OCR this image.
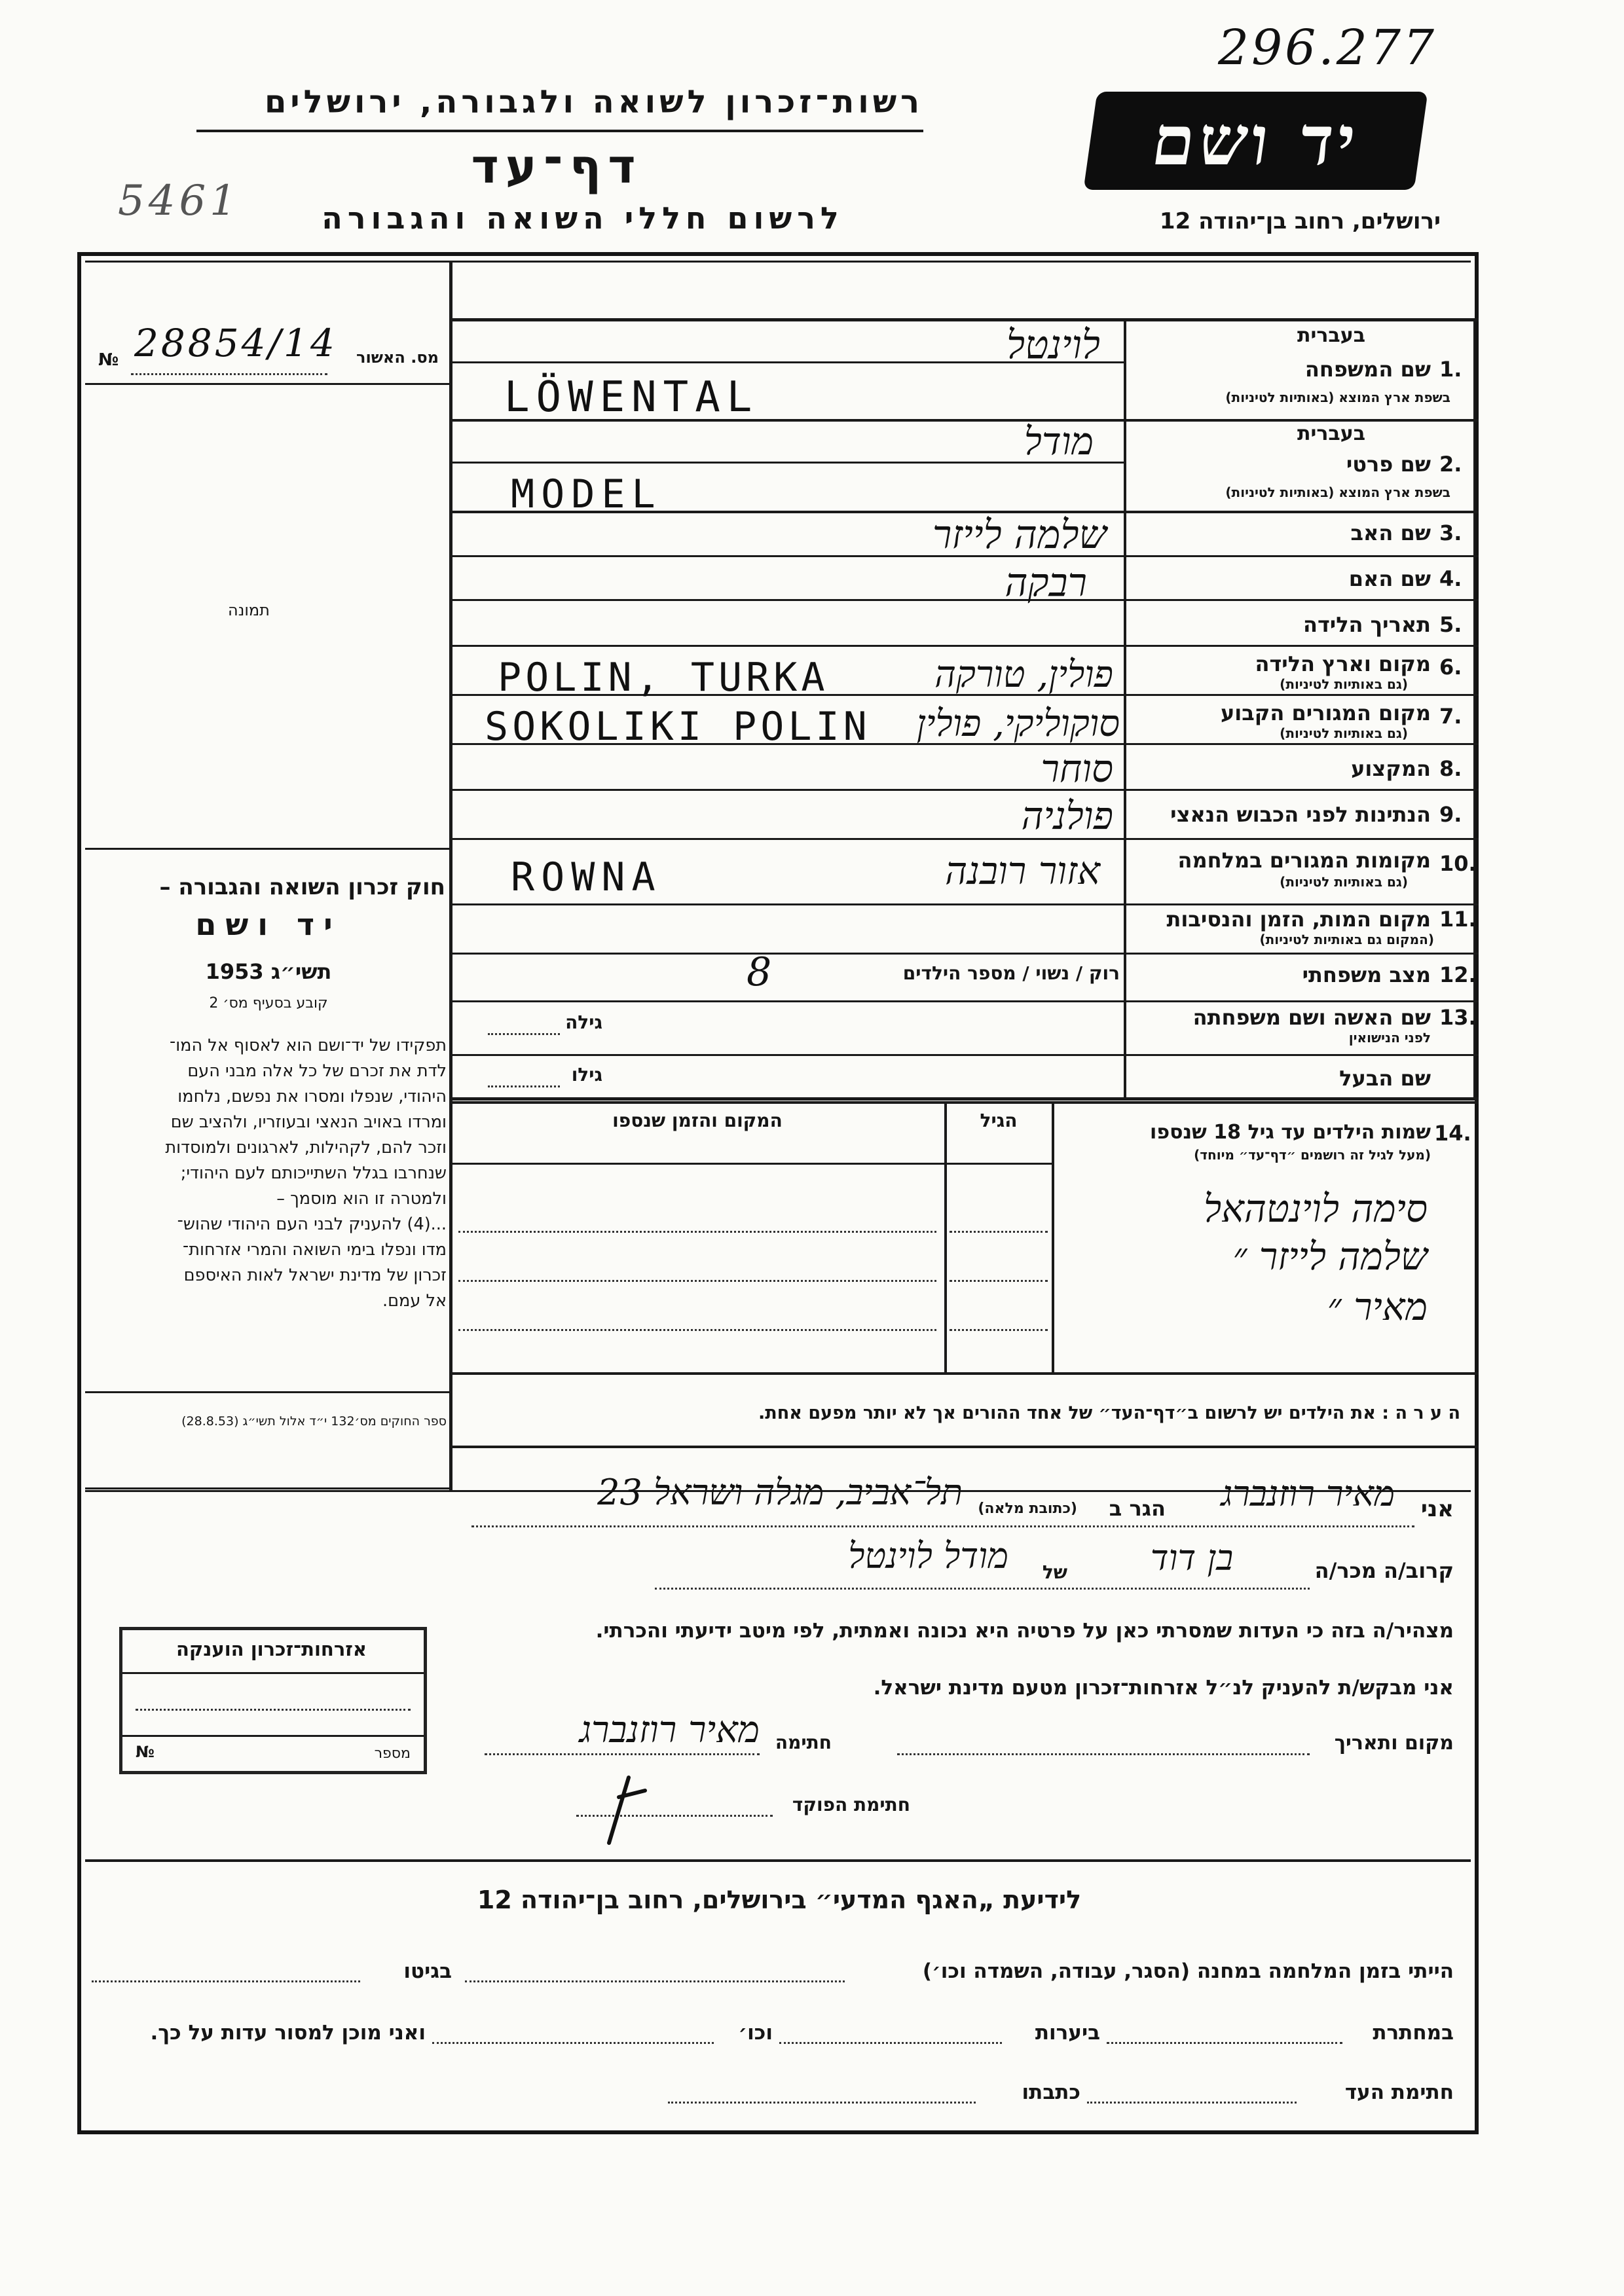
296.277
5461
רשות־זכרון לשואה ולגבורה, ירושלים
דף־עד
לרשום חללי השואה והגבורה
יד ושם
ירושלים, רחוב בן־יהודה 12
№ 28854/14	מס. האשור
תמונה
חוק זכרון השואה והגבורה –
יד ושם
תשי״ג 1953
קובע בסעיף מס׳ 2
תפקידו של יד־ושם הוא לאסוף אל המו־
לדת את זכרם של כל אלה מבני העם
היהודי, שנפלו ומסרו את נפשם, נלחמו
ומרדו באויב הנאצי ובעוזריו, ולהציב שם
וזכר להם, לקהילות, לארגונים ולמוסדות
שנחרבו בגלל השתייכותם לעם היהודי;
ולמטרה זו הוא מוסמך –
...(4) להעניק לבני העם היהודי שהוש־
מדו ונפלו בימי השואה והמרי אזרחות־
זכרון של מדינת ישראל לאות האיספם
אל עמם.
ספר החוקים מס׳132 י״ד אלול תשי״ג (28.8.53)
1.
בעברית
שם המשפחה
בשפת ארץ המוצא (באותיות לטיניות)
לוינטל
LÖWENTAL
2.
בעברית
שם פרטי
בשפת ארץ המוצא (באותיות לטיניות)
מודל
MODEL
3.
שם האב
שלמה לייזר
4.
שם האם
רבקה
5.
תאריך הלידה
6.
מקום וארץ הלידה
(גם באותיות לטיניות)
פולין, טורקה
POLIN, TURKA
7.
מקום המגורים הקבוע
(גם באותיות לטיניות)
סוקוליקי, פולין
SOKOLIKI POLIN
8.
המקצוע
סוחר
9.
הנתינות לפני הכבוש הנאצי
פולניה
10.
מקומות המגורים במלחמה
(גם באותיות לטיניות)
אזור רובנה
ROWNA
11.
מקום המות, הזמן והנסיבות
(המקום גם באותיות לטיניות)
12.
מצב משפחתי
רוק / נשוי / מספר הילדים
8
13.
שם האשה ושם משפחתה
לפני הנישואין
גילה
שם הבעל
גילו
14.
שמות הילדים עד גיל 18 שנספו
(מעל לגיל זה רושמים ״דף־עד״ מיוחד)
הגיל
המקום והזמן שנספו
סימה לוינטהאל
שלמה לייזר ״
מאיר ״
ה ע ר ה : את הילדים יש לרשום ב״דף־העד״ של אחד ההורים אך לא יותר מפעם אחת.
אני
מאיר רוזנברג
הגר ב
(כתובת מלאה)
תל־אביב, מגלה ושראל 23
קרוב/ה מכר/ה
בן דוד
של
מודל לוינטל
מצהיר/ה בזה כי העדות שמסרתי כאן על פרטיה היא נכונה ואמתית, לפי מיטב ידיעתי והכרתי.
אני מבקש/ת להעניק לנ״ל אזרחות־זכרון מטעם מדינת ישראל.
מקום ותאריך
חתימה
מאיר רוזנברג
חתימת הפוקד
אזרחות־זכרון הוענקה
№	מספר
לידיעת „האגף המדעי״ בירושלים, רחוב בן־יהודה 12
הייתי בזמן המלחמה במחנה (הסגר, עבודה, השמדה וכו׳)
בגיטו
במחתרת
ביערות
וכו׳
ואני מוכן למסור עדות על כך.
חתימת העד
כתבתו
